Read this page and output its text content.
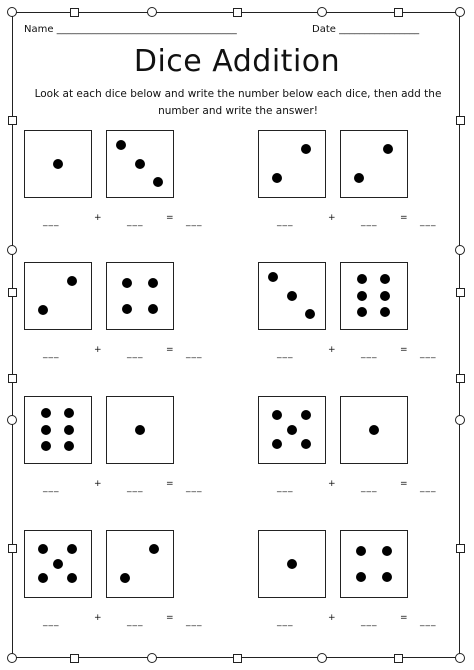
Name ____________________________________	Date ________________
Dice Addition
Look at each dice below and write the number below each dice, then add the number and write the answer!
___	+	___	= ___	___	+	___	= ___
___	+	___	= ___	___	+	___	= ___
___	+	___	= ___	___	+	___	= ___
___	+	___	= ___	___	+	___	= ___
